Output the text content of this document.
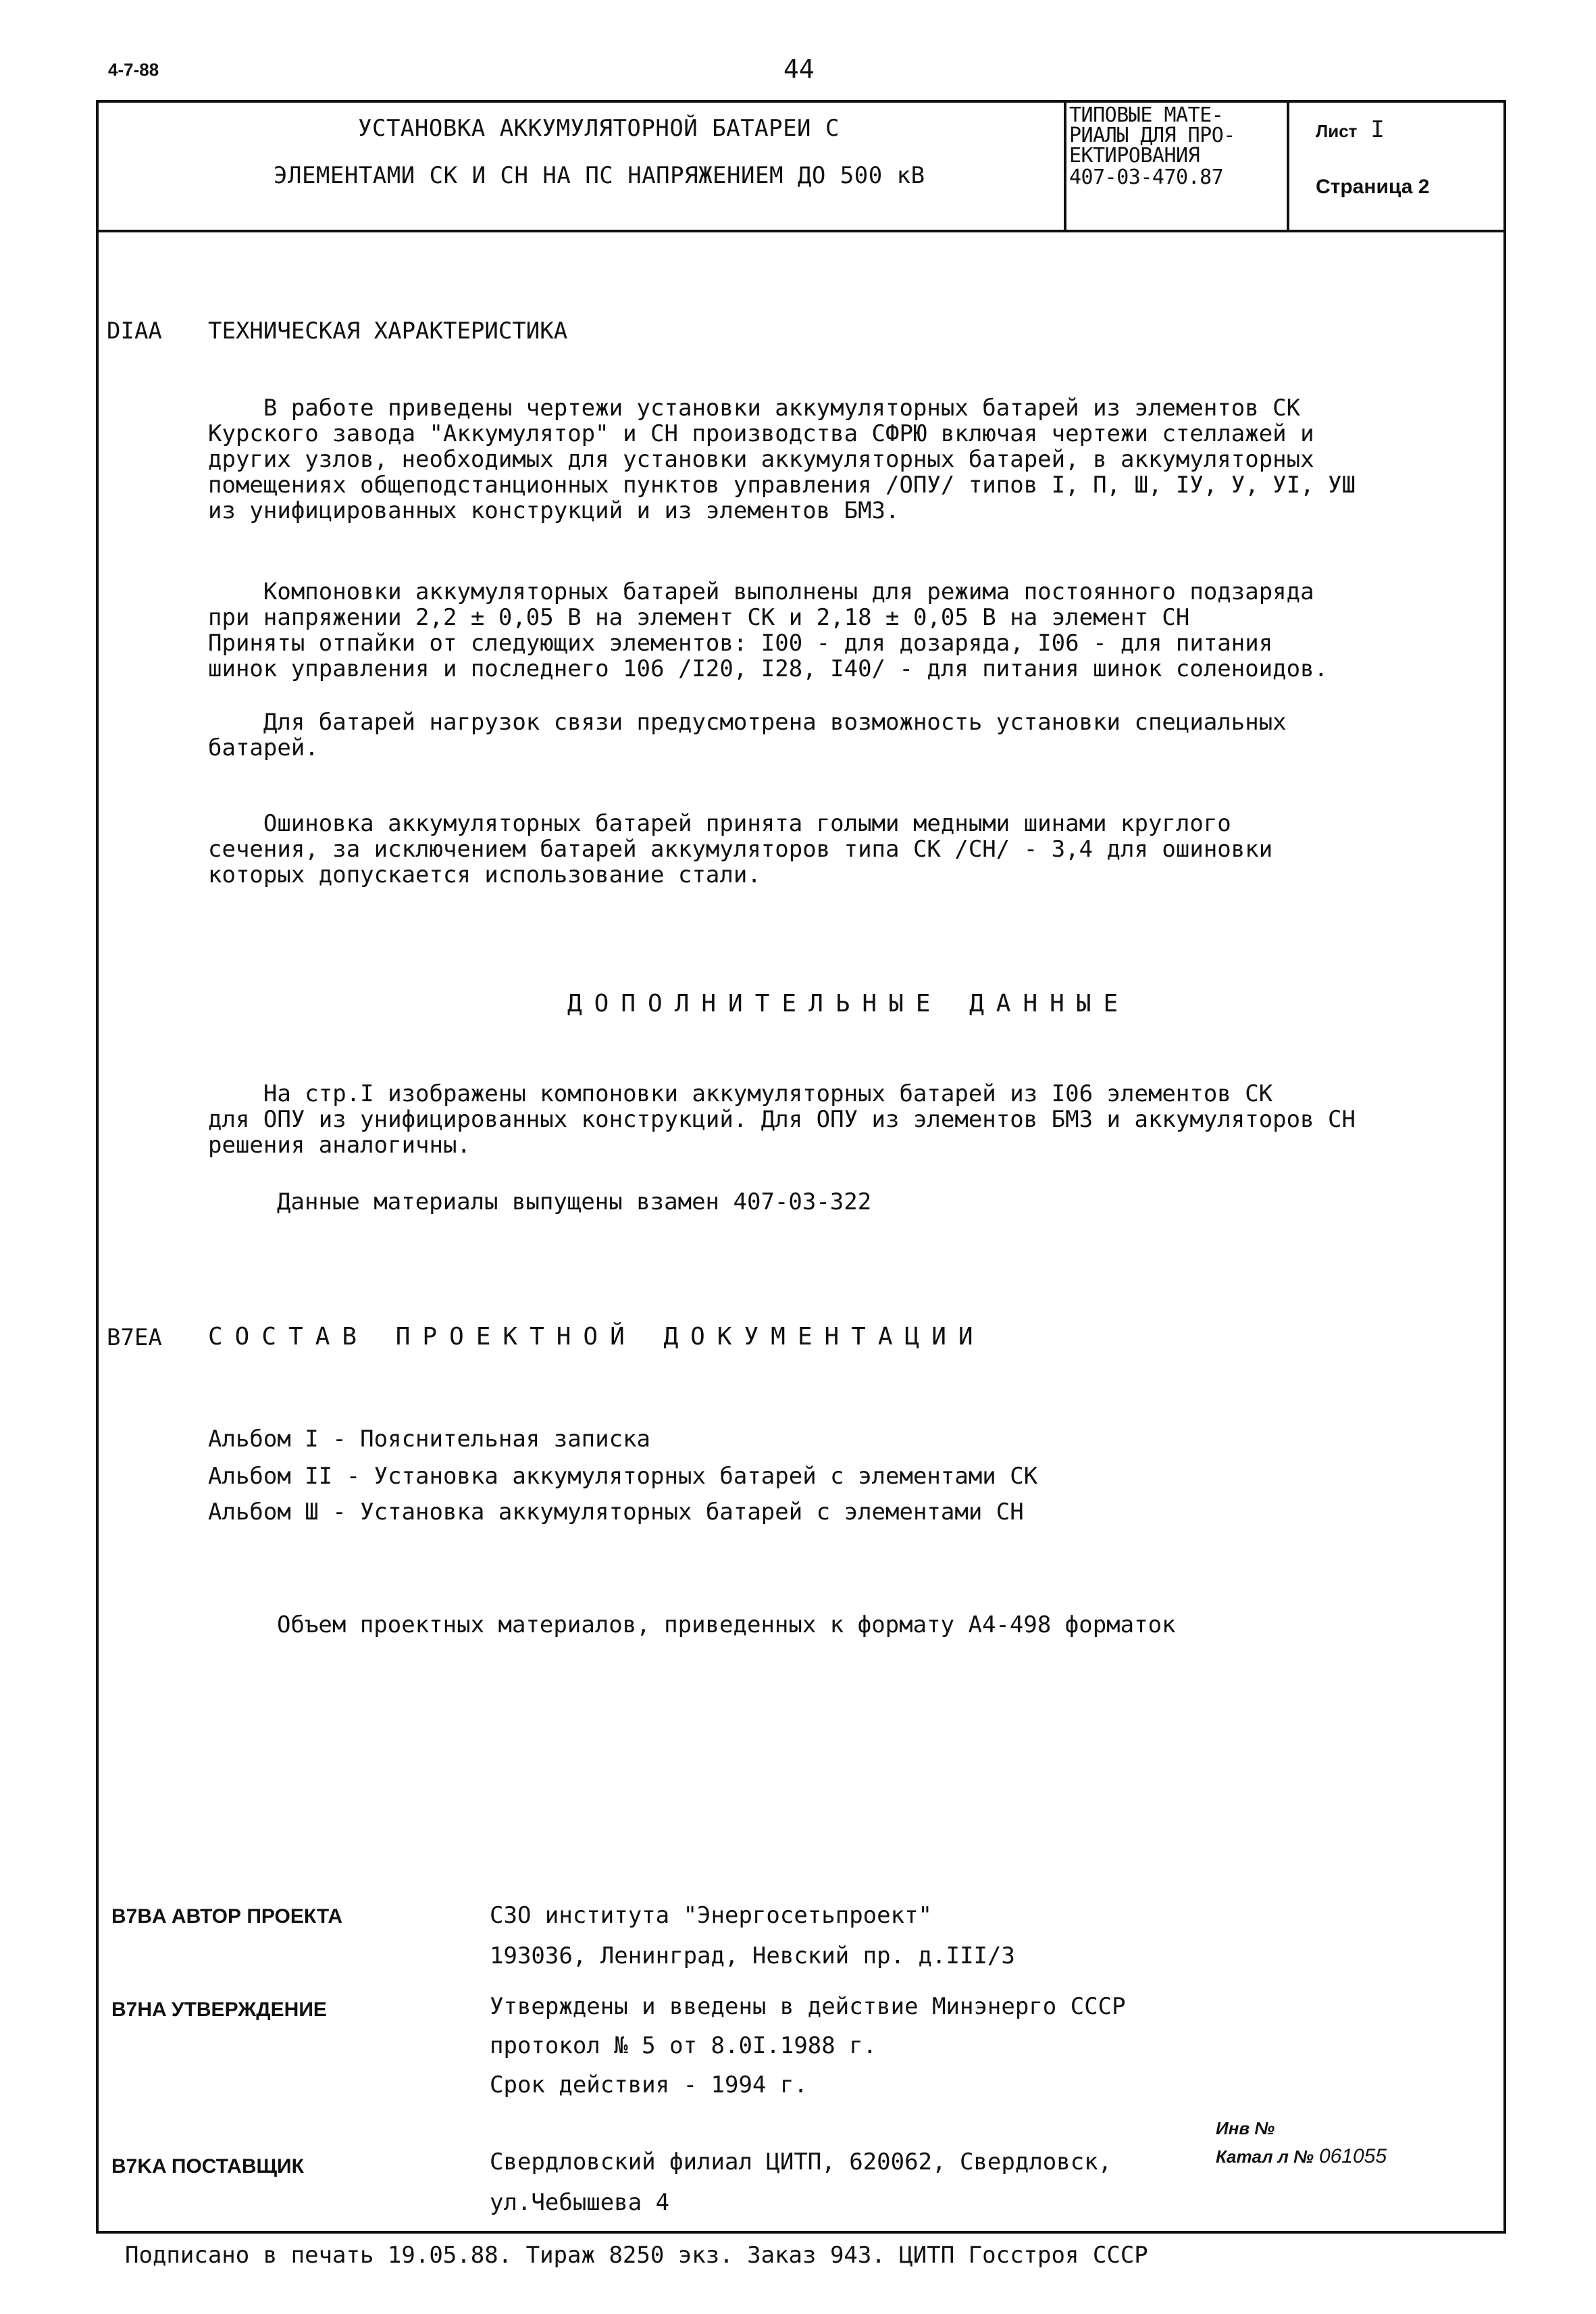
4-7-88	44
УСТАНОВКА АККУМУЛЯТОРНОЙ БАТАРЕИ С
ЭЛЕМЕНТАМИ СК И СН НА ПС НАПРЯЖЕНИЕМ ДО 500 кВ
ТИПОВЫЕ МАТЕ-
РИАЛЫ ДЛЯ ПРО-
ЕКТИРОВАНИЯ
407-03-470.87
Лист I
Страница 2
DIAA ТЕХНИЧЕСКАЯ ХАРАКТЕРИСТИКА
В работе приведены чертежи установки аккумуляторных батарей из элементов СК
Курского завода "Аккумулятор" и СН производства СФРЮ включая чертежи стеллажей и
других узлов, необходимых для установки аккумуляторных батарей, в аккумуляторных
помещениях общеподстанционных пунктов управления /ОПУ/ типов I, П, Ш, IУ, У, УI, УШ
из унифицированных конструкций и из элементов БМЗ.
Компоновки аккумуляторных батарей выполнены для режима постоянного подзаряда
при напряжении 2,2 ± 0,05 В на элемент СК и 2,18 ± 0,05 В на элемент СН
Приняты отпайки от следующих элементов: I00 - для дозаряда, I06 - для питания
шинок управления и последнего 106 /I20, I28, I40/ - для питания шинок соленоидов.
Для батарей нагрузок связи предусмотрена возможность установки специальных
батарей.
Ошиновка аккумуляторных батарей принята голыми медными шинами круглого
сечения, за исключением батарей аккумуляторов типа СК /СН/ - 3,4 для ошиновки
которых допускается использование стали.
ДОПОЛНИТЕЛЬНЫЕ ДАННЫЕ
На стр.I изображены компоновки аккумуляторных батарей из I06 элементов СК
для ОПУ из унифицированных конструкций. Для ОПУ из элементов БМЗ и аккумуляторов СН
решения аналогичны.
Данные материалы выпущены взамен 407-03-322
B7EA СОСТАВ ПРОЕКТНОЙ ДОКУМЕНТАЦИИ
Альбом I - Пояснительная записка
Альбом II - Установка аккумуляторных батарей с элементами СК
Альбом Ш - Установка аккумуляторных батарей с элементами СН
Объем проектных материалов, приведенных к формату А4-498 форматок
B7BA АВТОР ПРОЕКТА	СЗО института "Энергосетьпроект"
193036, Ленинград, Невский пр. д.III/3
B7HA УТВЕРЖДЕНИЕ	Утверждены и введены в действие Минэнерго СССР
протокол № 5 от 8.0I.1988 г.
Срок действия - 1994 г.
Инв №
B7KA ПОСТАВЩИК	Свердловский филиал ЦИТП, 620062, Свердловск,
ул.Чебышева 4
Катал л № 061055
Подписано в печать 19.05.88. Тираж 8250 экз. Заказ 943. ЦИТП Госстроя СССР
